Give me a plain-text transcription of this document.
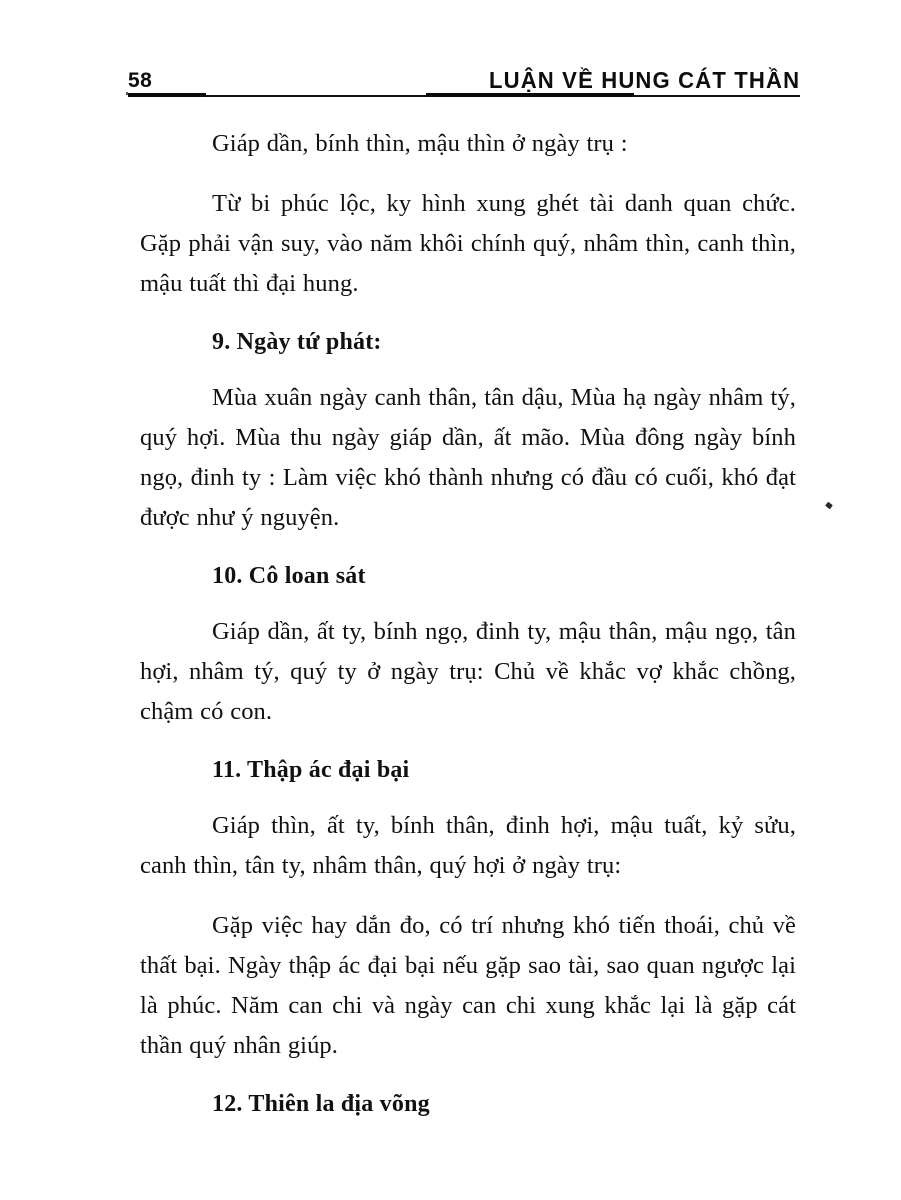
58	LUẬN VỀ HUNG CÁT THẦN

Giáp dần, bính thìn, mậu thìn ở ngày trụ :

Từ bi phúc lộc, ky hình xung ghét tài danh quan chức. Gặp phải vận suy, vào năm khôi chính quý, nhâm thìn, canh thìn, mậu tuất thì đại hung.

9. Ngày tứ phát:

Mùa xuân ngày canh thân, tân dậu, Mùa hạ ngày nhâm tý, quý hợi. Mùa thu ngày giáp dần, ất mão. Mùa đông ngày bính ngọ, đinh ty : Làm việc khó thành nhưng có đầu có cuối, khó đạt được như ý nguyện.

10. Cô loan sát

Giáp dần, ất ty, bính ngọ, đinh ty, mậu thân, mậu ngọ, tân hợi, nhâm tý, quý ty ở ngày trụ: Chủ về khắc vợ khắc chồng, chậm có con.

11. Thập ác đại bại

Giáp thìn, ất ty, bính thân, đinh hợi, mậu tuất, kỷ sửu, canh thìn, tân ty, nhâm thân, quý hợi ở ngày trụ:

Gặp việc hay dắn đo, có trí nhưng khó tiến thoái, chủ về thất bại. Ngày thập ác đại bại nếu gặp sao tài, sao quan ngược lại là phúc. Năm can chi và ngày can chi xung khắc lại là gặp cát thần quý nhân giúp.

12. Thiên la địa võng
